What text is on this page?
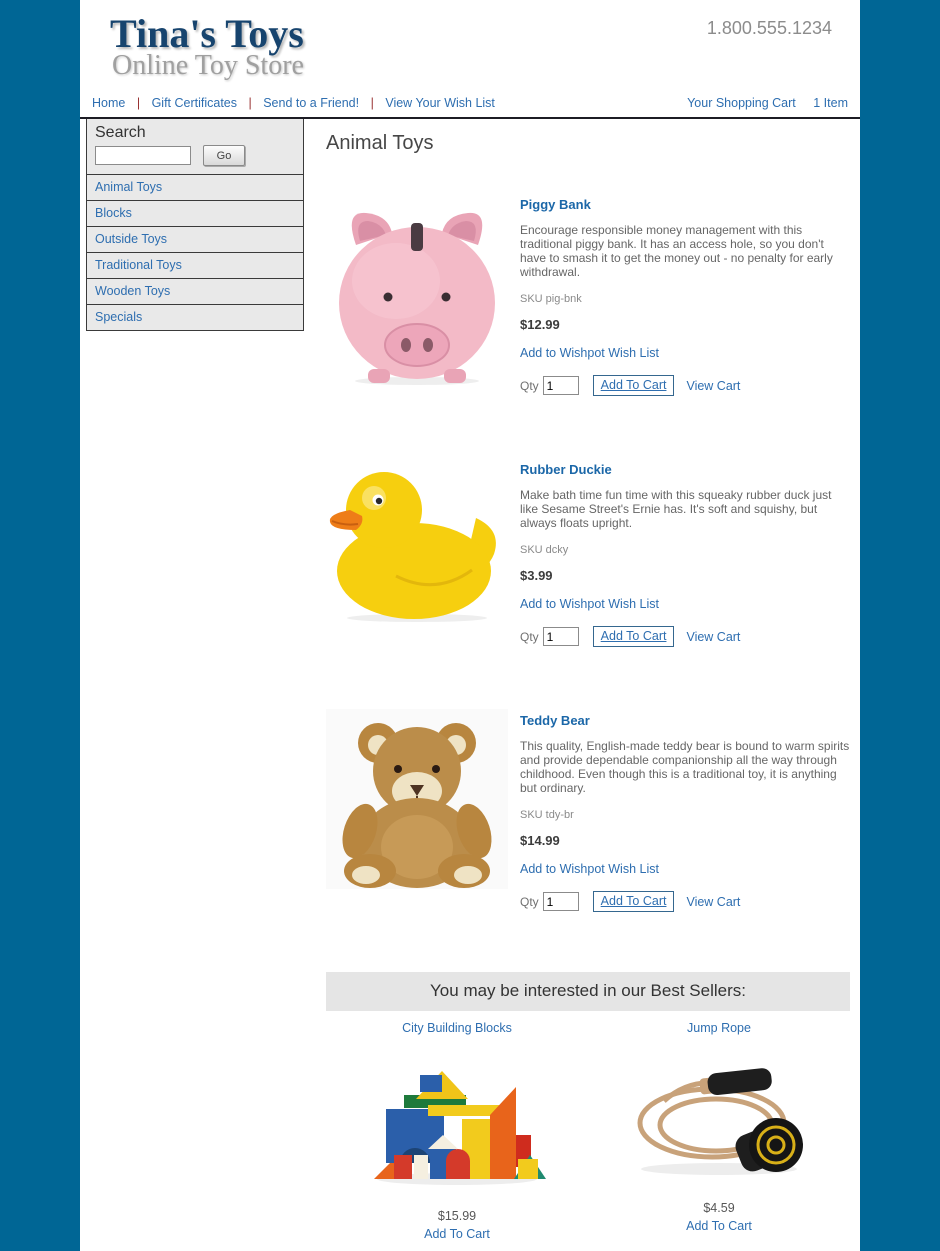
Tina's Toys
Online Toy Store
1.800.555.1234
Home | Gift Certificates | Send to a Friend! | View Your Wish List	Your Shopping Cart 1 Item
Search
Go
Animal Toys
Blocks
Outside Toys
Traditional Toys
Wooden Toys
Specials
Animal Toys
Piggy Bank
Encourage responsible money management with this traditional piggy bank. It has an access hole, so you don't have to smash it to get the money out - no penalty for early withdrawal.
SKU pig-bnk
$12.99
Add to Wishpot Wish List
Qty
1	Add To Cart	View Cart
Rubber Duckie
Make bath time fun time with this squeaky rubber duck just like Sesame Street's Ernie has. It's soft and squishy, but always floats upright.
SKU dcky
$3.99
Add to Wishpot Wish List
Qty
1	Add To Cart	View Cart
Teddy Bear
This quality, English-made teddy bear is bound to warm spirits and provide dependable companionship all the way through childhood. Even though this is a traditional toy, it is anything but ordinary.
SKU tdy-br
$14.99
Add to Wishpot Wish List
Qty
1	Add To Cart	View Cart
You may be interested in our Best Sellers:
City Building Blocks
$15.99
Add To Cart
Jump Rope
$4.59
Add To Cart
